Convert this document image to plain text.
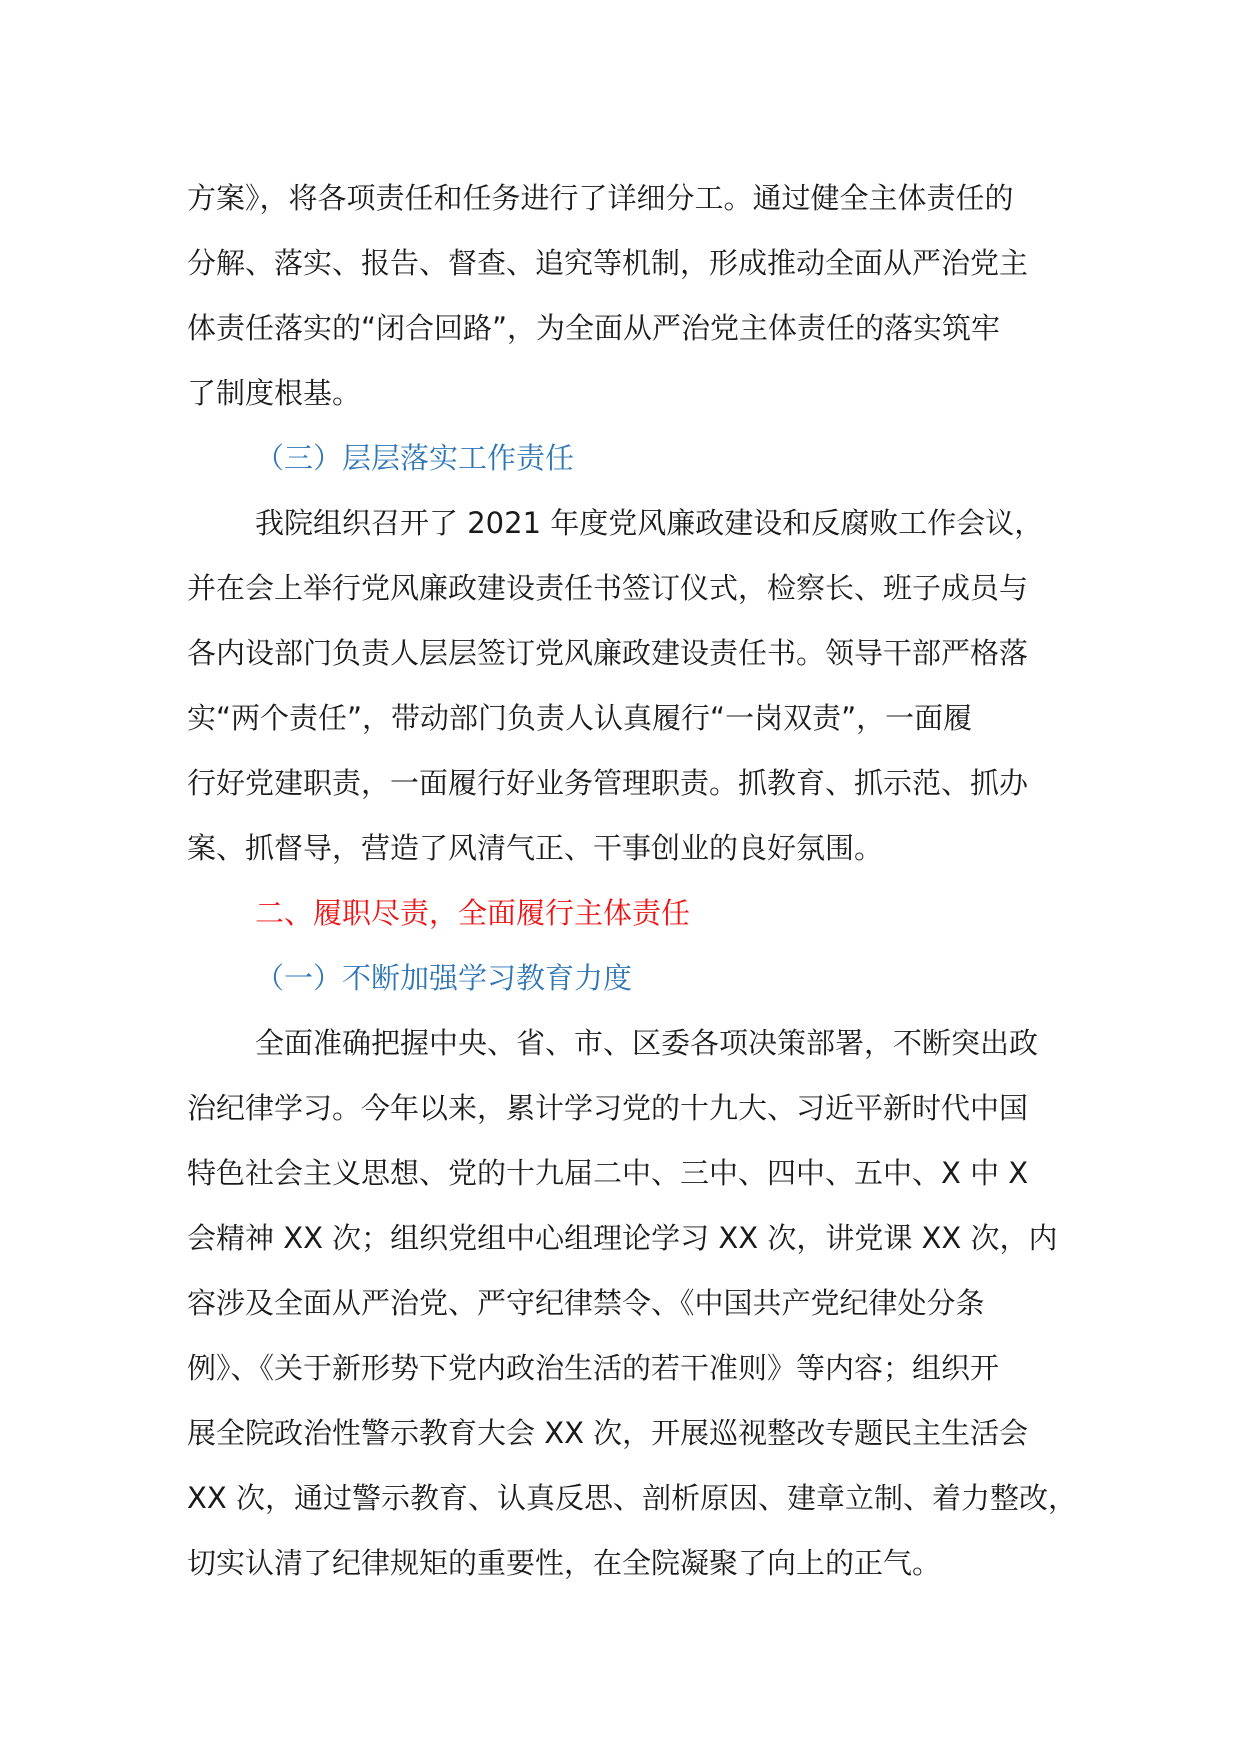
方案》，将各项责任和任务进行了详细分工。通过健全主体责任的
分解、落实、报告、督查、追究等机制，形成推动全面从严治党主
体责任落实的“闭合回路”，为全面从严治党主体责任的落实筑牢
了制度根基。
（三）层层落实工作责任
我院组织召开了 2021 年度党风廉政建设和反腐败工作会议，
并在会上举行党风廉政建设责任书签订仪式，检察长、班子成员与
各内设部门负责人层层签订党风廉政建设责任书。领导干部严格落
实“两个责任”，带动部门负责人认真履行“一岗双责”，一面履
行好党建职责，一面履行好业务管理职责。抓教育、抓示范、抓办
案、抓督导，营造了风清气正、干事创业的良好氛围。
二、履职尽责，全面履行主体责任
（一）不断加强学习教育力度
全面准确把握中央、省、市、区委各项决策部署，不断突出政
治纪律学习。今年以来，累计学习党的十九大、习近平新时代中国
特色社会主义思想、党的十九届二中、三中、四中、五中、X 中 X
会精神 XX 次；组织党组中心组理论学习 XX 次，讲党课 XX 次，内
容涉及全面从严治党、严守纪律禁令、《中国共产党纪律处分条
例》、《关于新形势下党内政治生活的若干准则》等内容；组织开
展全院政治性警示教育大会 XX 次，开展巡视整改专题民主生活会
XX 次，通过警示教育、认真反思、剖析原因、建章立制、着力整改，
切实认清了纪律规矩的重要性，在全院凝聚了向上的正气。
